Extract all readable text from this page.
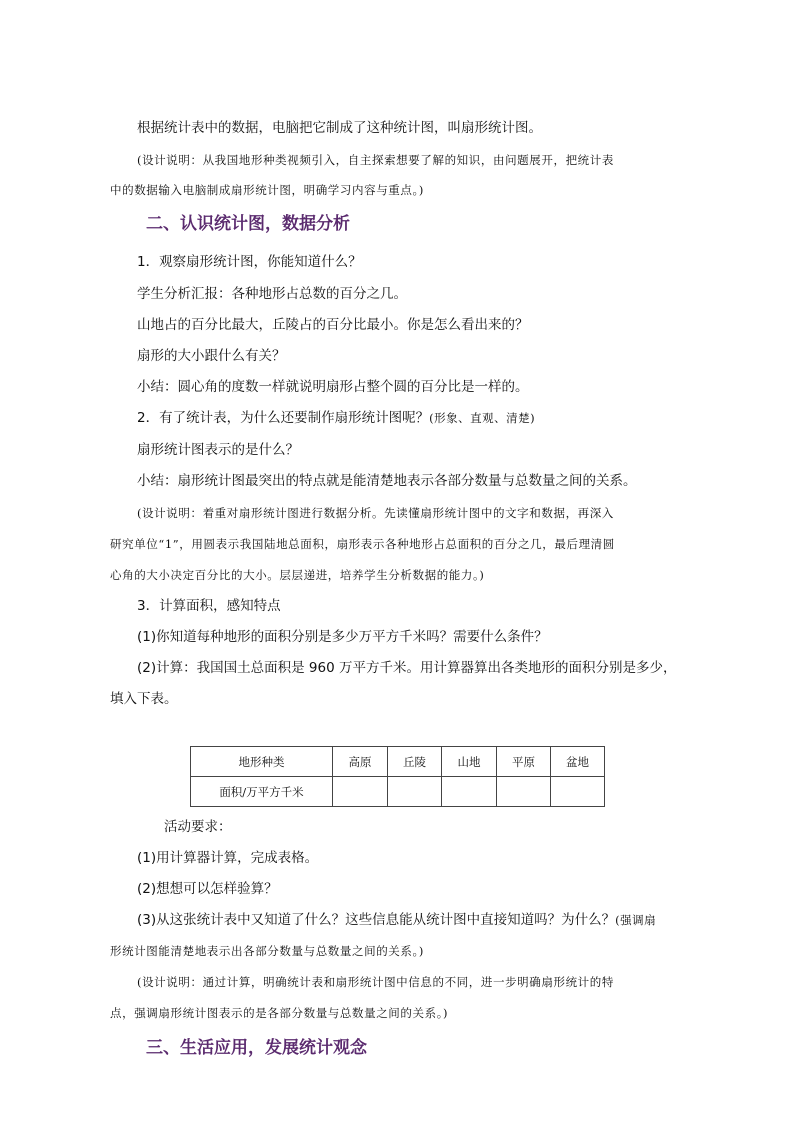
根据统计表中的数据，电脑把它制成了这种统计图，叫扇形统计图。
(设计说明：从我国地形种类视频引入，自主探索想要了解的知识，由问题展开，把统计表
中的数据输入电脑制成扇形统计图，明确学习内容与重点。)
二、认识统计图，数据分析
1．观察扇形统计图，你能知道什么？
学生分析汇报：各种地形占总数的百分之几。
山地占的百分比最大，丘陵占的百分比最小。你是怎么看出来的？
扇形的大小跟什么有关？
小结：圆心角的度数一样就说明扇形占整个圆的百分比是一样的。
2．有了统计表，为什么还要制作扇形统计图呢？(形象、直观、清楚)
扇形统计图表示的是什么？
小结：扇形统计图最突出的特点就是能清楚地表示各部分数量与总数量之间的关系。
(设计说明：着重对扇形统计图进行数据分析。先读懂扇形统计图中的文字和数据，再深入
研究单位“1”，用圆表示我国陆地总面积，扇形表示各种地形占总面积的百分之几，最后理清圆
心角的大小决定百分比的大小。层层递进，培养学生分析数据的能力。)
3．计算面积，感知特点
(1)你知道每种地形的面积分别是多少万平方千米吗？需要什么条件？
(2)计算：我国国土总面积是 960 万平方千米。用计算器算出各类地形的面积分别是多少，
填入下表。
地形种类	高原	丘陵	山地	平原	盆地
面积/万平方千米					
活动要求：
(1)用计算器计算，完成表格。
(2)想想可以怎样验算？
(3)从这张统计表中又知道了什么？这些信息能从统计图中直接知道吗？为什么？(强调扇
形统计图能清楚地表示出各部分数量与总数量之间的关系。)
(设计说明：通过计算，明确统计表和扇形统计图中信息的不同，进一步明确扇形统计的特
点，强调扇形统计图表示的是各部分数量与总数量之间的关系。)
三、生活应用，发展统计观念
